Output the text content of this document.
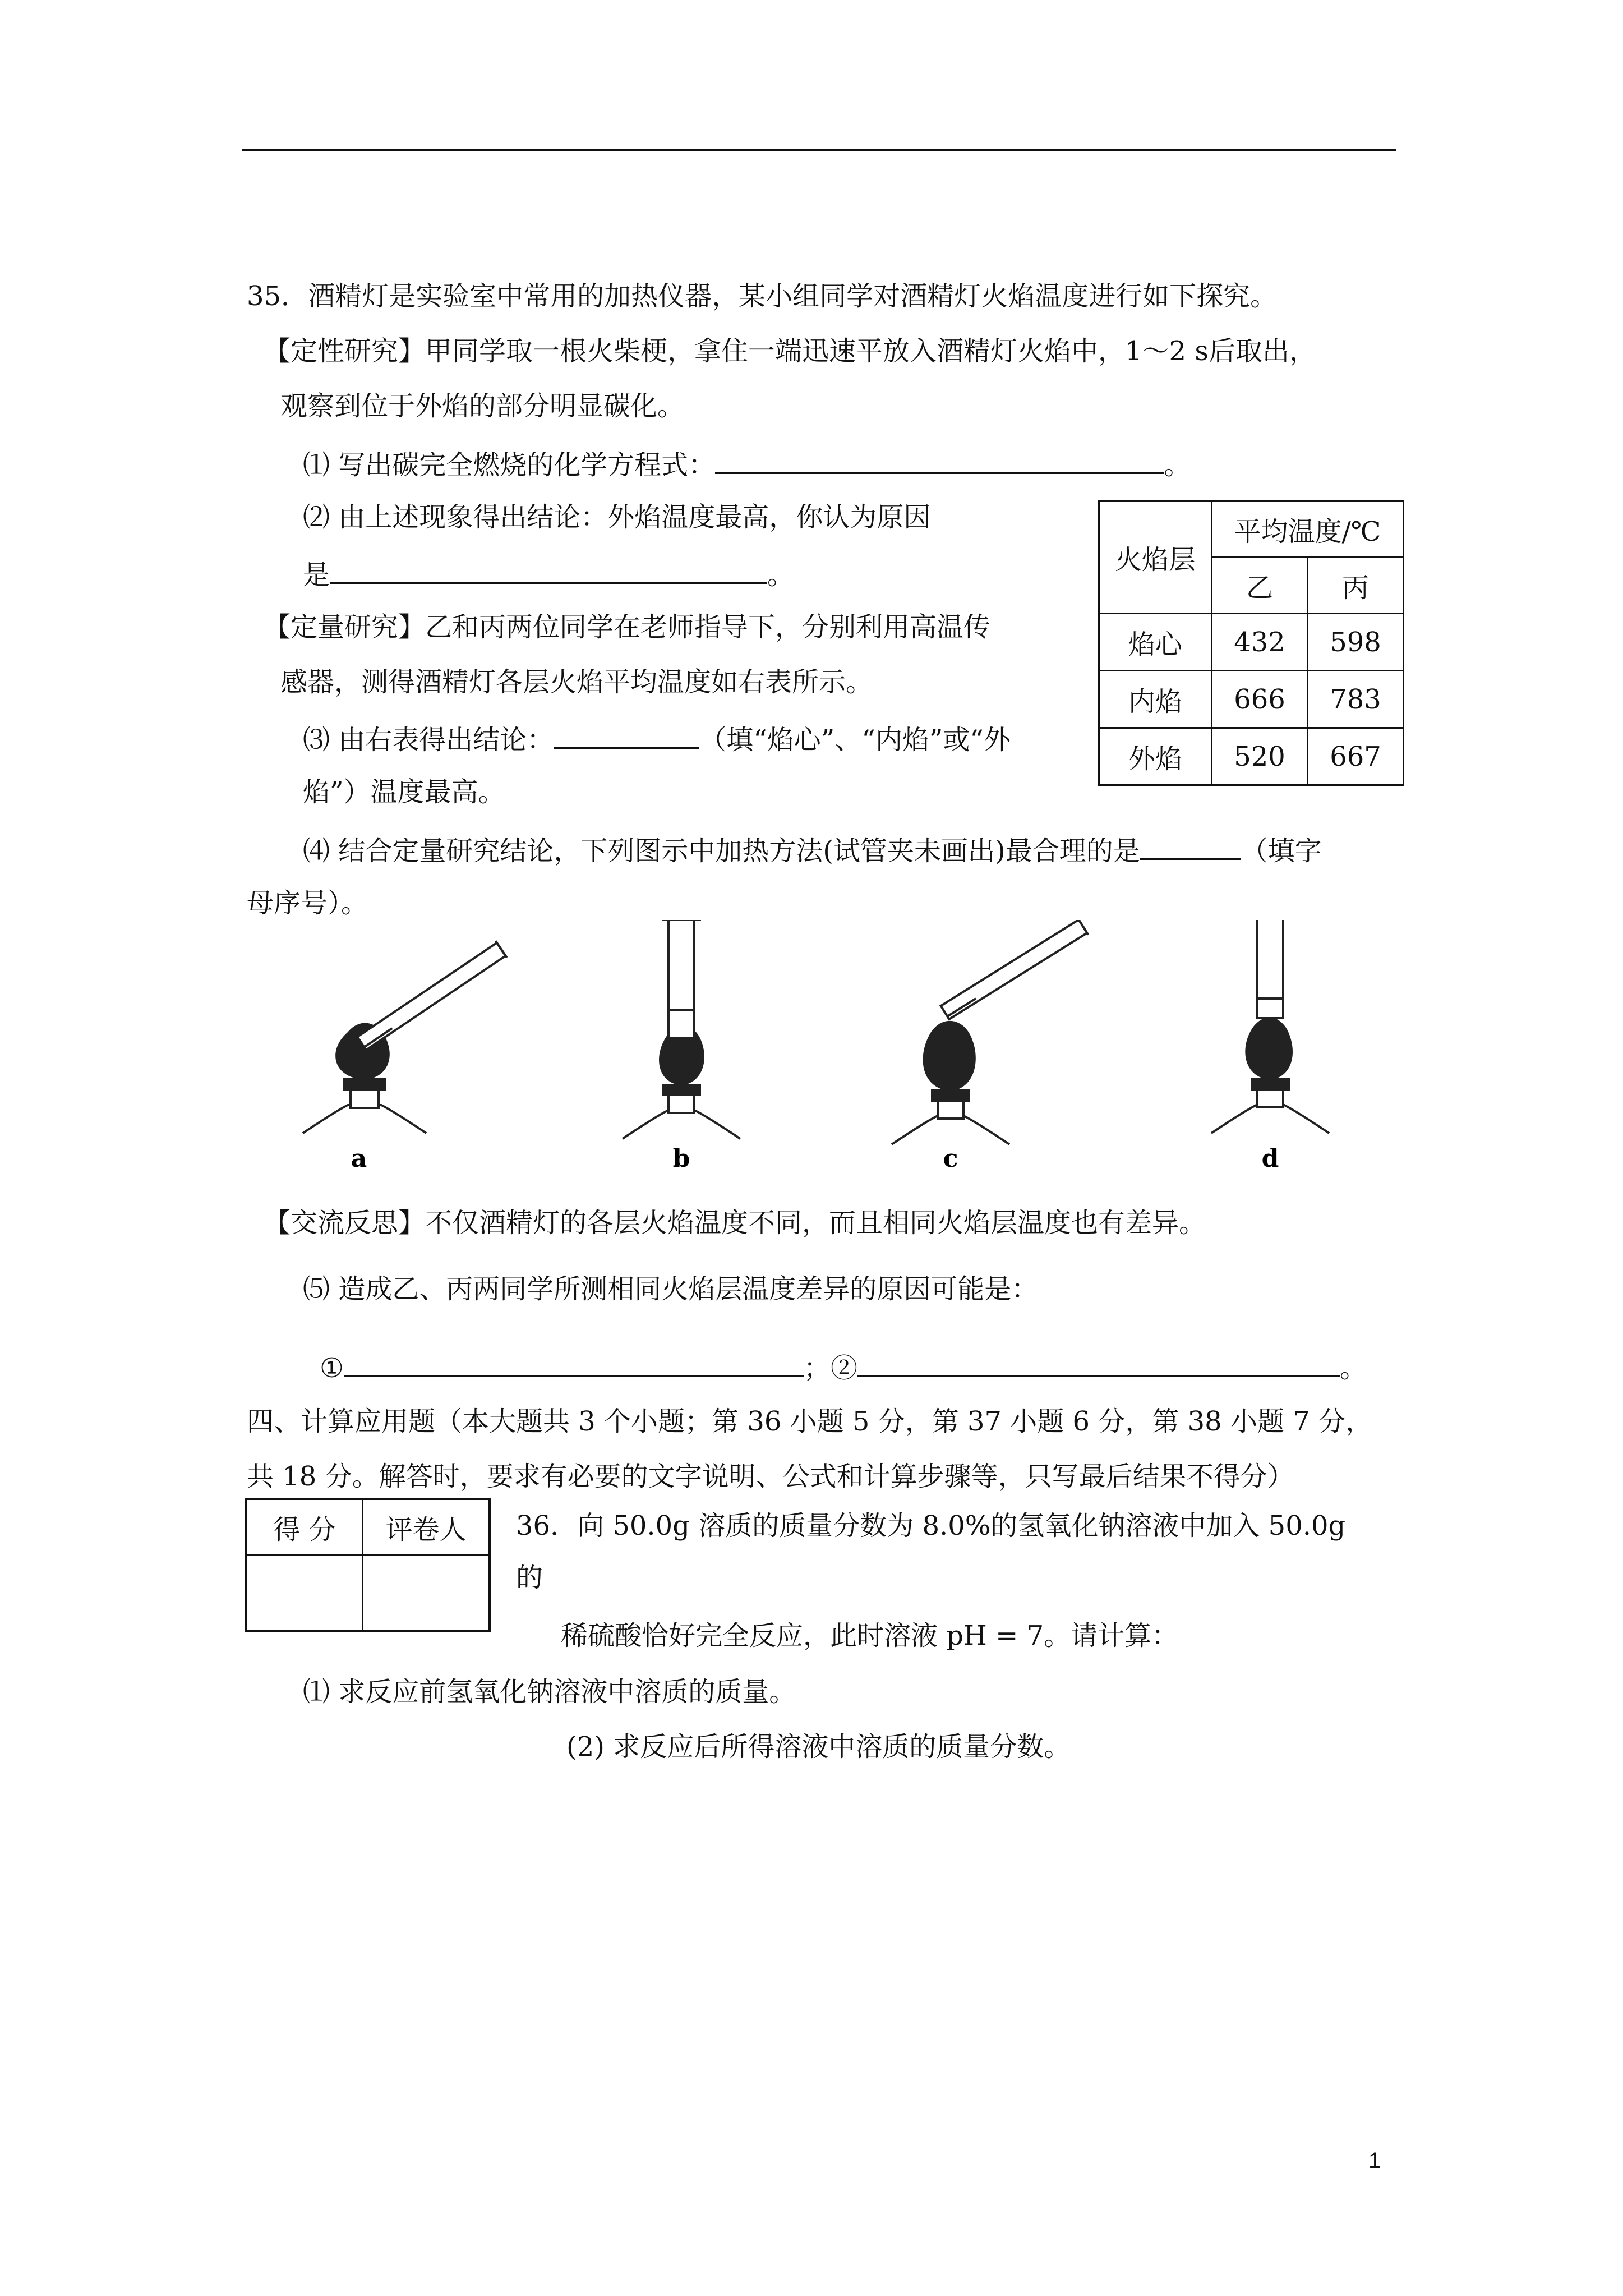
35．酒精灯是实验室中常用的加热仪器，某小组同学对酒精灯火焰温度进行如下探究。
【定性研究】甲同学取一根火柴梗，拿住一端迅速平放入酒精灯火焰中，1～2 s后取出，
观察到位于外焰的部分明显碳化。
⑴ 写出碳完全燃烧的化学方程式：	。
⑵ 由上述现象得出结论：外焰温度最高，你认为原因
是	。
【定量研究】乙和丙两位同学在老师指导下，分别利用高温传
感器，测得酒精灯各层火焰平均温度如右表所示。
⑶ 由右表得出结论：	（填“焰心”、“内焰”或“外
焰”）温度最高。
火焰层	平均温度/℃	
	乙	丙
焰心	432	598
内焰	666	783
外焰	520	667
⑷ 结合定量研究结论，下列图示中加热方法(试管夹未画出)最合理的是	（填字
母序号）。
a	b	c	d
【交流反思】不仅酒精灯的各层火焰温度不同，而且相同火焰层温度也有差异。
⑸ 造成乙、丙两同学所测相同火焰层温度差异的原因可能是：
①	；②	。
四、计算应用题（本大题共 3 个小题；第 36 小题 5 分，第 37 小题 6 分，第 38 小题 7 分，
共 18 分。解答时，要求有必要的文字说明、公式和计算步骤等，只写最后结果不得分）
得 分	评卷人
	36．向 50.0g 溶质的质量分数为 8.0%的氢氧化钠溶液中加入 50.0g
的
稀硫酸恰好完全反应，此时溶液 pH = 7。请计算：
⑴ 求反应前氢氧化钠溶液中溶质的质量。
(2) 求反应后所得溶液中溶质的质量分数。
1
